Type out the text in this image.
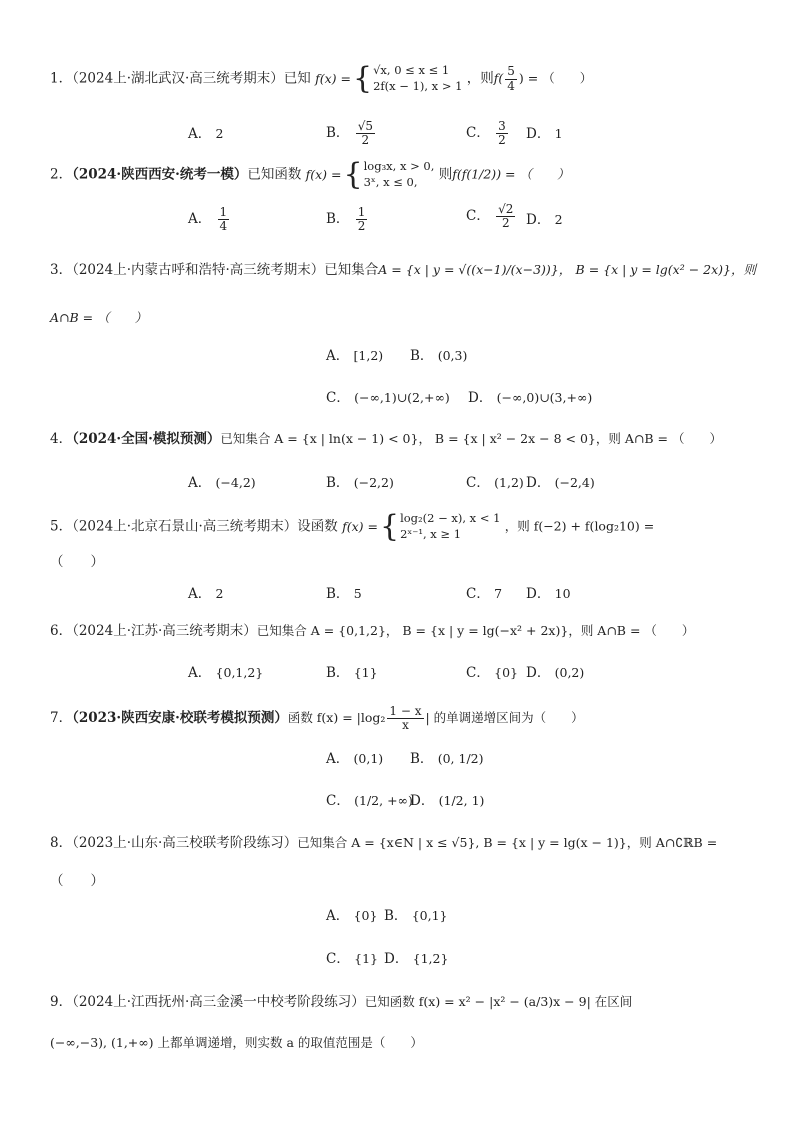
1．（2024上·湖北武汉·高三统考期末）已知 f(x) = { √x, 0 ≤ x ≤ 1
2f(x − 1), x > 1 ，则$f( \frac{5}{4}$ ) = （　　）
A． 2	B． $\frac{√5}{2}$	C． $\frac{3}{2}$ D． 1
2．（2024·陕西西安·统考一模）已知函数 f(x) = { log₃x, x > 0,
3ˣ, x ≤ 0,	则f(f(1/2)) = （　　）
A． $\frac{1}{4}$	B． $\frac{1}{2}$	C． $\frac{√2}{2}$ D． 2
3．（2024上·内蒙古呼和浩特·高三统考期末）已知集合A = {x | y = √((x−1)/(x−3))}， B = {x | y = lg(x² − 2x)}，则
A∩B = （　　）
A． [1,2) B． (0,3)
C． (−∞,1)∪(2,+∞) D． (−∞,0)∪(3,+∞)
4．（2024·全国·模拟预测）已知集合 A = {x | ln(x − 1) < 0}， B = {x | x² − 2x − 8 < 0}，则 A∩B = （　　）
A． (−4,2)	B． (−2,2)	C． (1,2) D． (−2,4)
5．（2024上·北京石景山·高三统考期末）设函数 f(x) = { log₂(2 − x), x < 1
2ˣ⁻¹, x ≥ 1
，则 f(−2) + f(log₂10) =
（　　）
A． 2	B． 5	C． 7 D． 10
6．（2024上·江苏·高三统考期末）已知集合 A = {0,1,2}， B = {x | y = lg(−x² + 2x)}，则 A∩B = （　　）
A． {0,1,2}	B． {1}	C． {0} D． (0,2)
7．（2023·陕西安康·校联考模拟预测）函数 $f(x) = |\log_2 \frac{1 - x}{x}$ | 的单调递增区间为（　　）
A． (0,1) B． (0, 1/2)
C． (1/2, +∞)
D． (1/2, 1)
8．（2023上·山东·高三校联考阶段练习）已知集合 A = {x∈N | x ≤ √5}, B = {x | y = lg(x − 1)}，则 A∩∁ℝB =
（　　）
A． {0} B． {0,1}
C． {1} D． {1,2}
9．（2024上·江西抚州·高三金溪一中校考阶段练习）已知函数 f(x) = x² − |x² − (a/3)x − 9| 在区间
(−∞,−3), (1,+∞) 上都单调递增，则实数 a 的取值范围是（　　）
